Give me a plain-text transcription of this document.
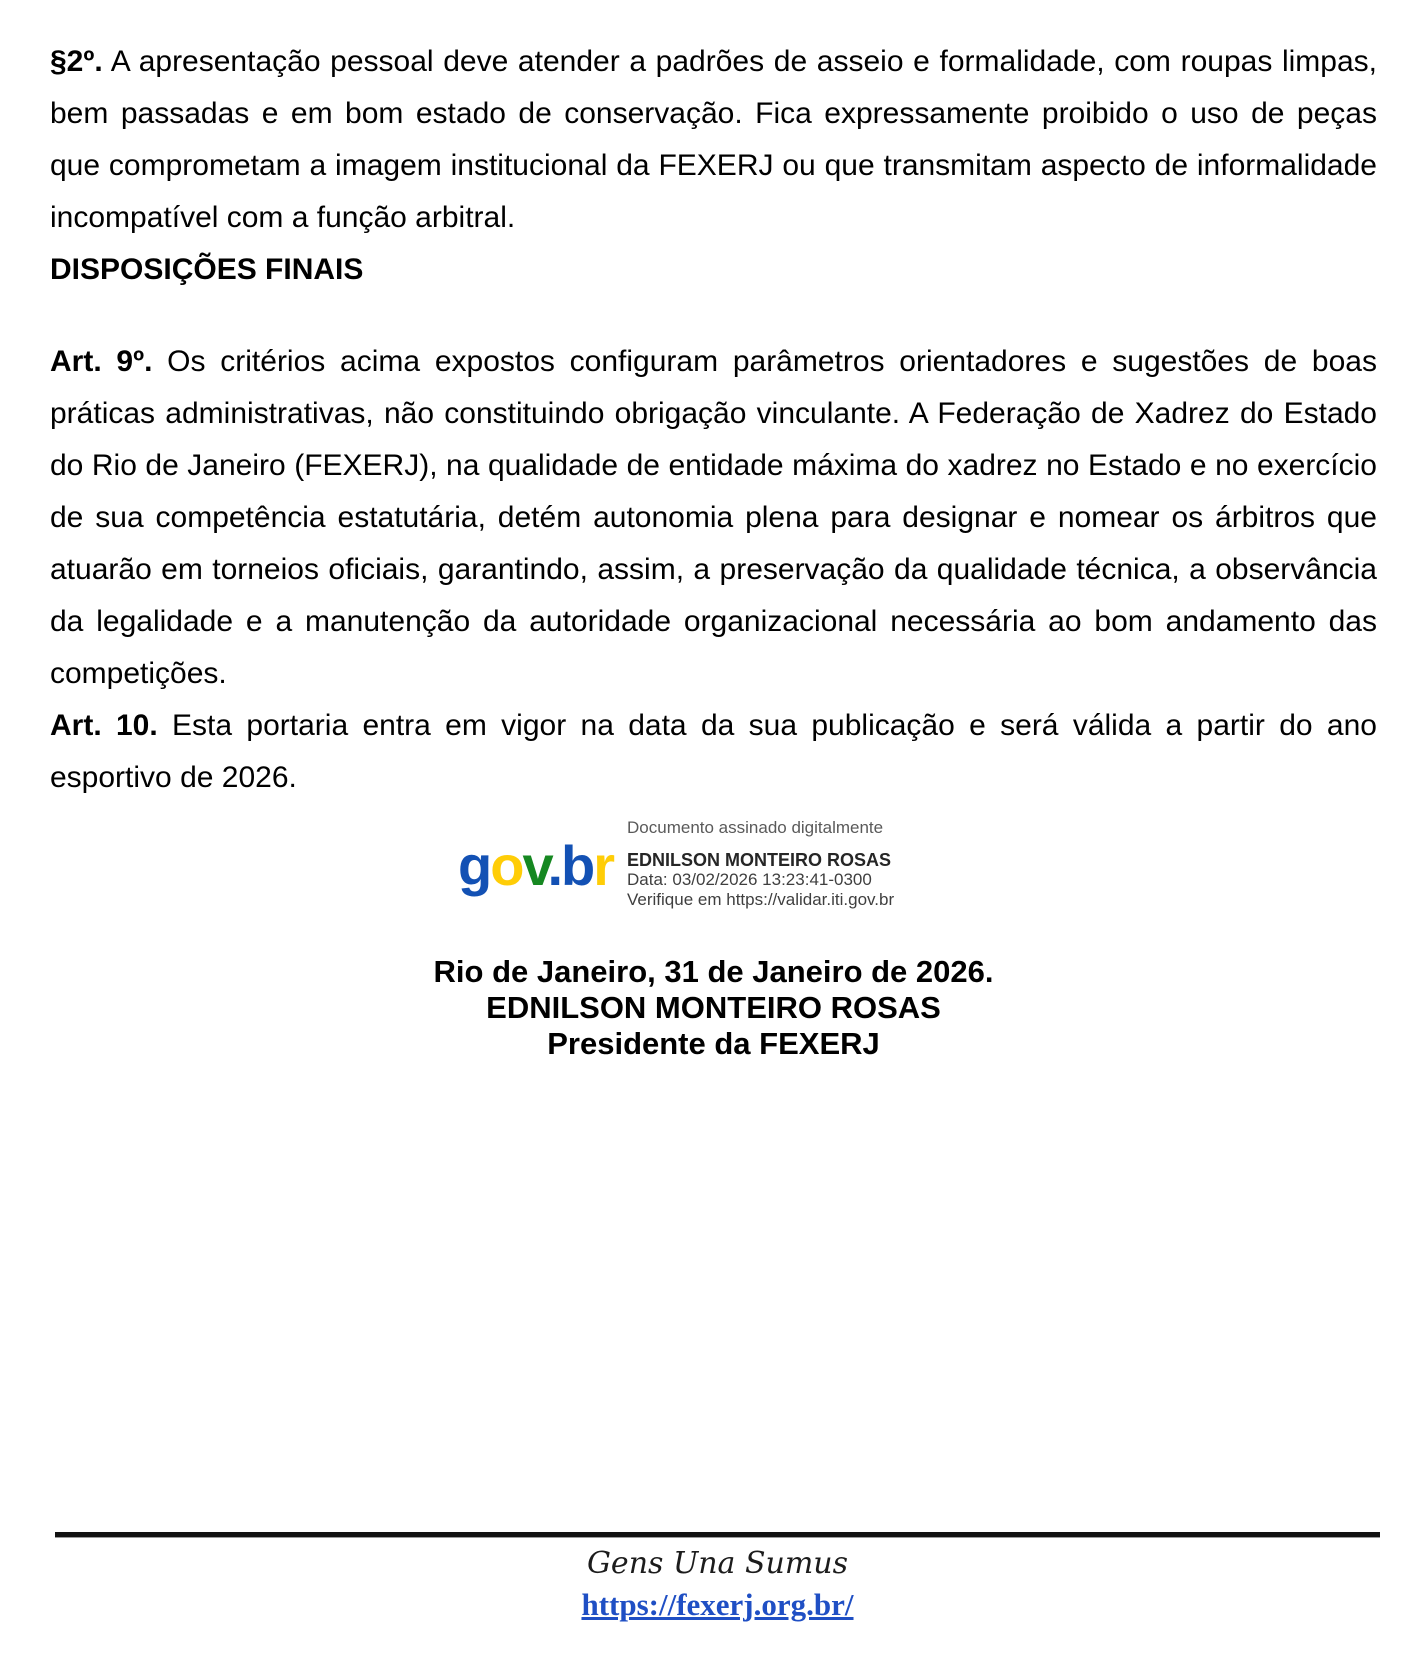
§2º. A apresentação pessoal deve atender a padrões de asseio e formalidade, com roupas limpas, bem passadas e em bom estado de conservação. Fica expressamente proibido o uso de peças que comprometam a imagem institucional da FEXERJ ou que transmitam aspecto de informalidade incompatível com a função arbitral.

DISPOSIÇÕES FINAIS

Art. 9º. Os critérios acima expostos configuram parâmetros orientadores e sugestões de boas práticas administrativas, não constituindo obrigação vinculante. A Federação de Xadrez do Estado do Rio de Janeiro (FEXERJ), na qualidade de entidade máxima do xadrez no Estado e no exercício de sua competência estatutária, detém autonomia plena para designar e nomear os árbitros que atuarão em torneios oficiais, garantindo, assim, a preservação da qualidade técnica, a observância da legalidade e a manutenção da autoridade organizacional necessária ao bom andamento das competições.

Art. 10. Esta portaria entra em vigor na data da sua publicação e será válida a partir do ano esportivo de 2026.

gov.br
Documento assinado digitalmente
EDNILSON MONTEIRO ROSAS
Data: 03/02/2026 13:23:41-0300
Verifique em https://validar.iti.gov.br
Rio de Janeiro, 31 de Janeiro de 2026.
EDNILSON MONTEIRO ROSAS
Presidente da FEXERJ
Gens Una Sumus
https://fexerj.org.br/
